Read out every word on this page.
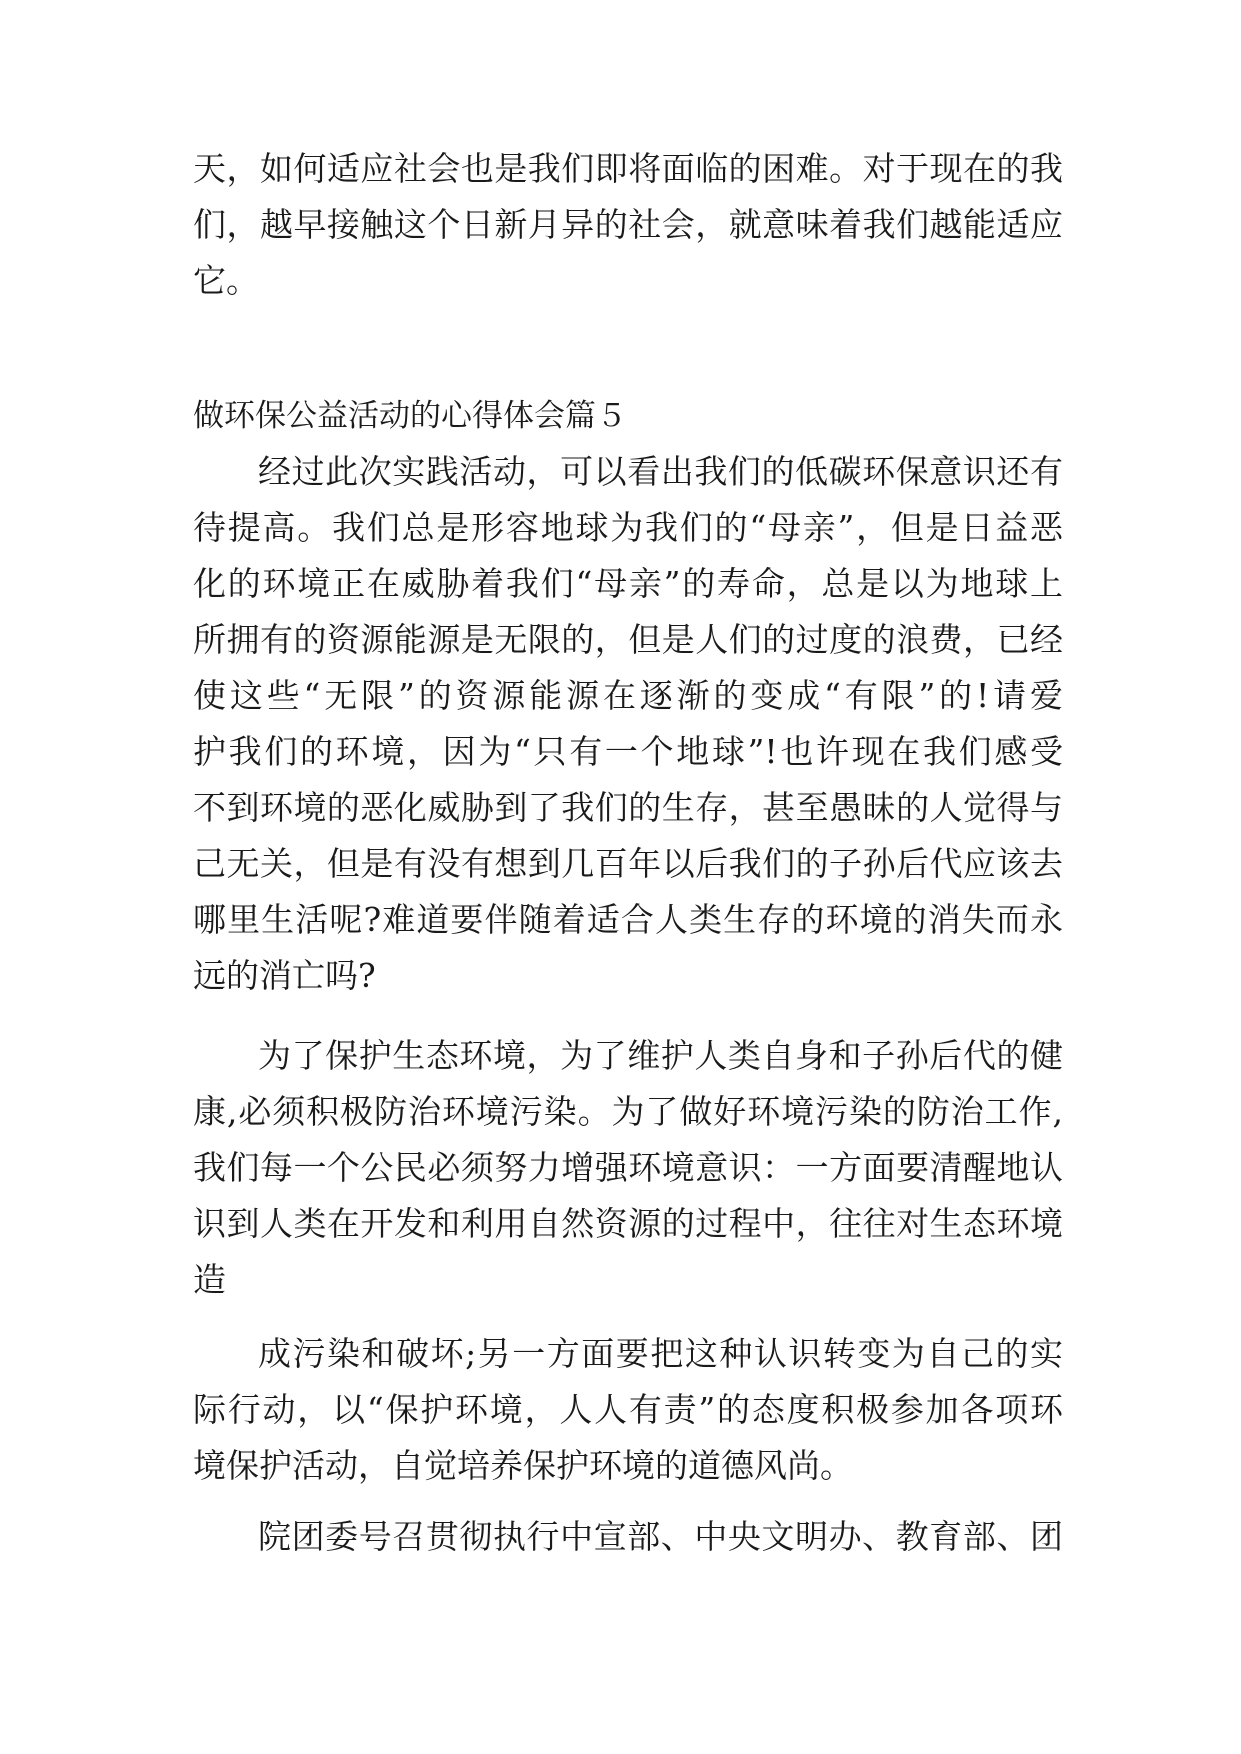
天，如何适应社会也是我们即将面临的困难。对于现在的我
们，越早接触这个日新月异的社会，就意味着我们越能适应
它。
做环保公益活动的心得体会篇５
经过此次实践活动，可以看出我们的低碳环保意识还有
待提高。我们总是形容地球为我们的“母亲”，但是日益恶
化的环境正在威胁着我们“母亲”的寿命，总是以为地球上
所拥有的资源能源是无限的，但是人们的过度的浪费，已经
使这些“无限”的资源能源在逐渐的变成“有限”的!请爱
护我们的环境，因为“只有一个地球”!也许现在我们感受
不到环境的恶化威胁到了我们的生存，甚至愚昧的人觉得与
己无关，但是有没有想到几百年以后我们的子孙后代应该去
哪里生活呢?难道要伴随着适合人类生存的环境的消失而永
远的消亡吗?
为了保护生态环境，为了维护人类自身和子孙后代的健
康,必须积极防治环境污染。为了做好环境污染的防治工作,
我们每一个公民必须努力增强环境意识：一方面要清醒地认
识到人类在开发和利用自然资源的过程中，往往对生态环境
造
成污染和破坏;另一方面要把这种认识转变为自己的实
际行动，以“保护环境，人人有责”的态度积极参加各项环
境保护活动，自觉培养保护环境的道德风尚。
院团委号召贯彻执行中宣部、中央文明办、教育部、团
